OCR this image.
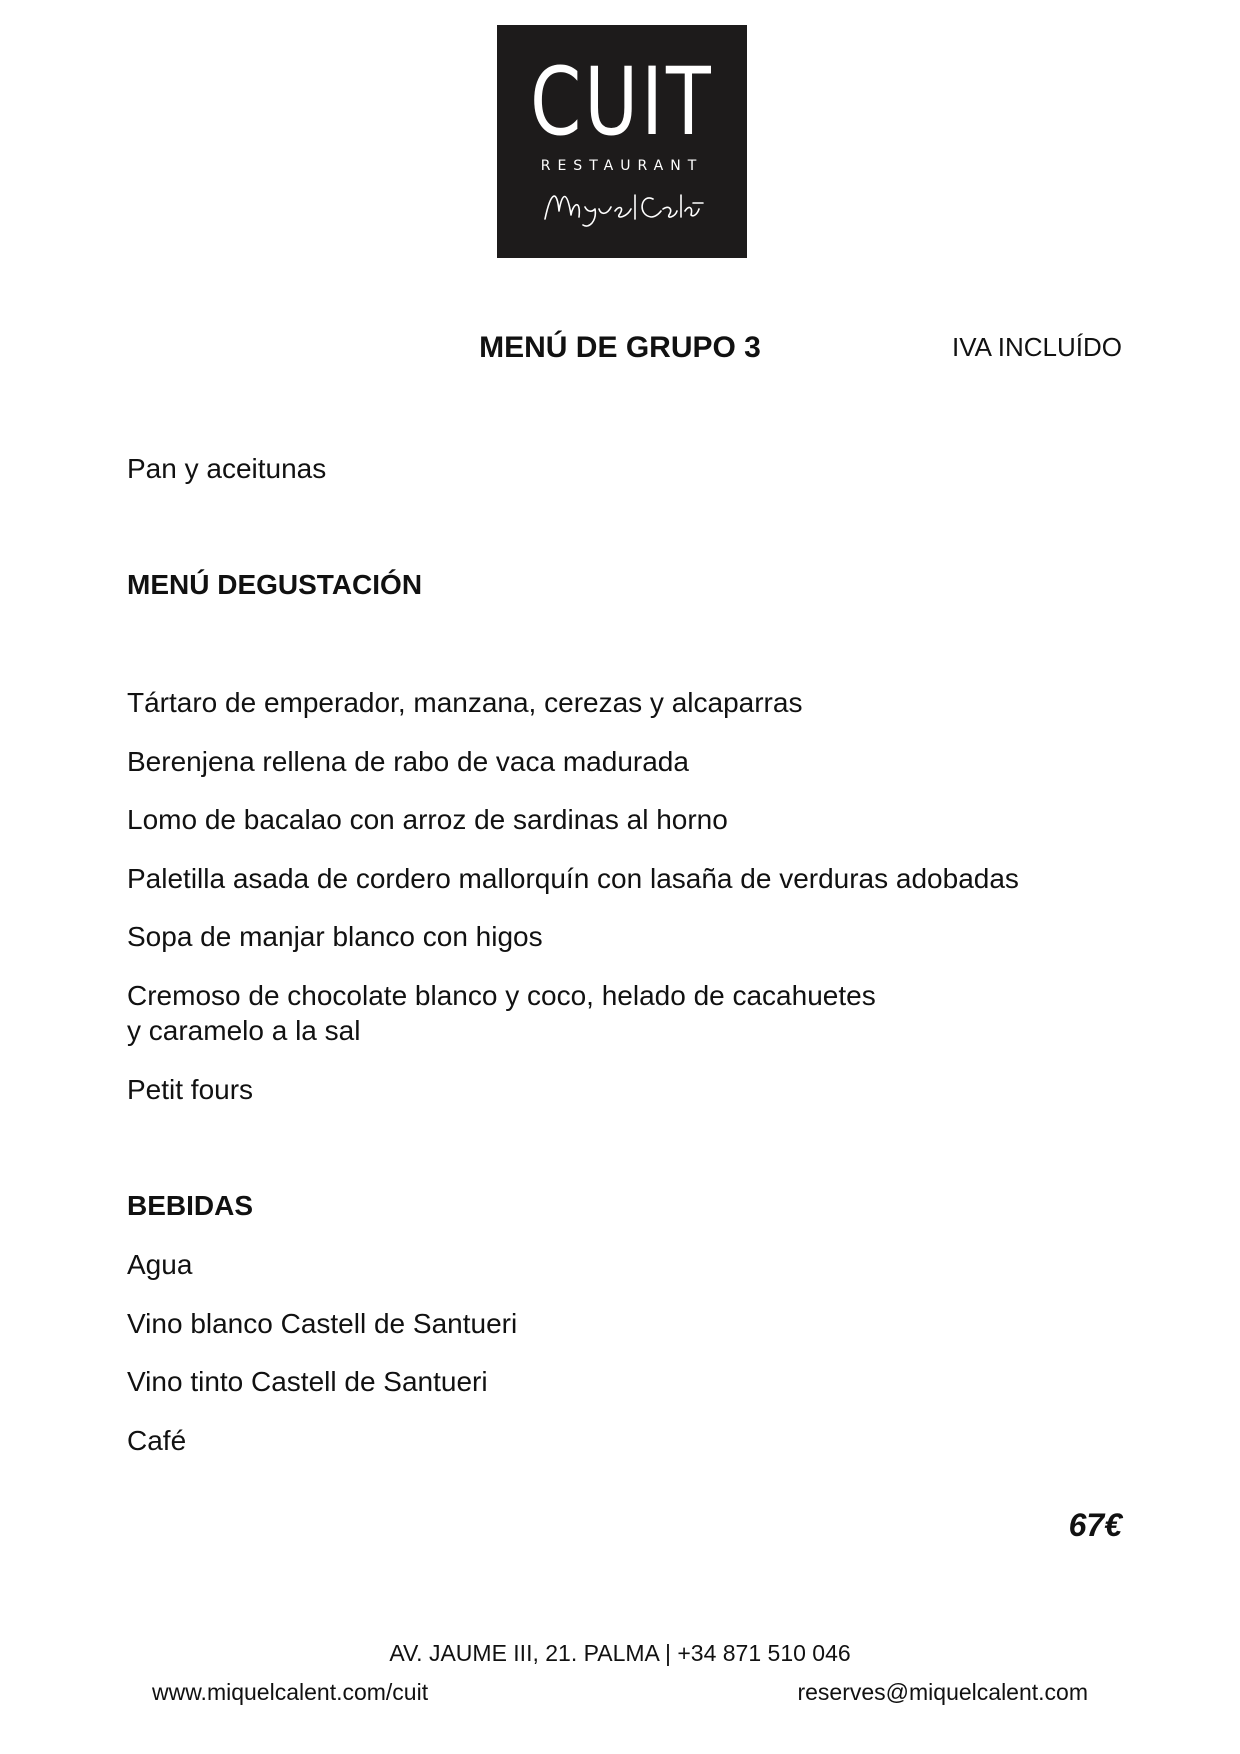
CUIT
RESTAURANT
MENÚ DE GRUPO 3	IVA INCLUÍDO
Pan y aceitunas
MENÚ DEGUSTACIÓN
Tártaro de emperador, manzana, cerezas y alcaparras
Berenjena rellena de rabo de vaca madurada
Lomo de bacalao con arroz de sardinas al horno
Paletilla asada de cordero mallorquín con lasaña de verduras adobadas
Sopa de manjar blanco con higos
Cremoso de chocolate blanco y coco, helado de cacahuetes
y caramelo a la sal
Petit fours
BEBIDAS
Agua
Vino blanco Castell de Santueri
Vino tinto Castell de Santueri
Café
67€
AV. JAUME III, 21. PALMA | +34 871 510 046
www.miquelcalent.com/cuit	reserves@miquelcalent.com
